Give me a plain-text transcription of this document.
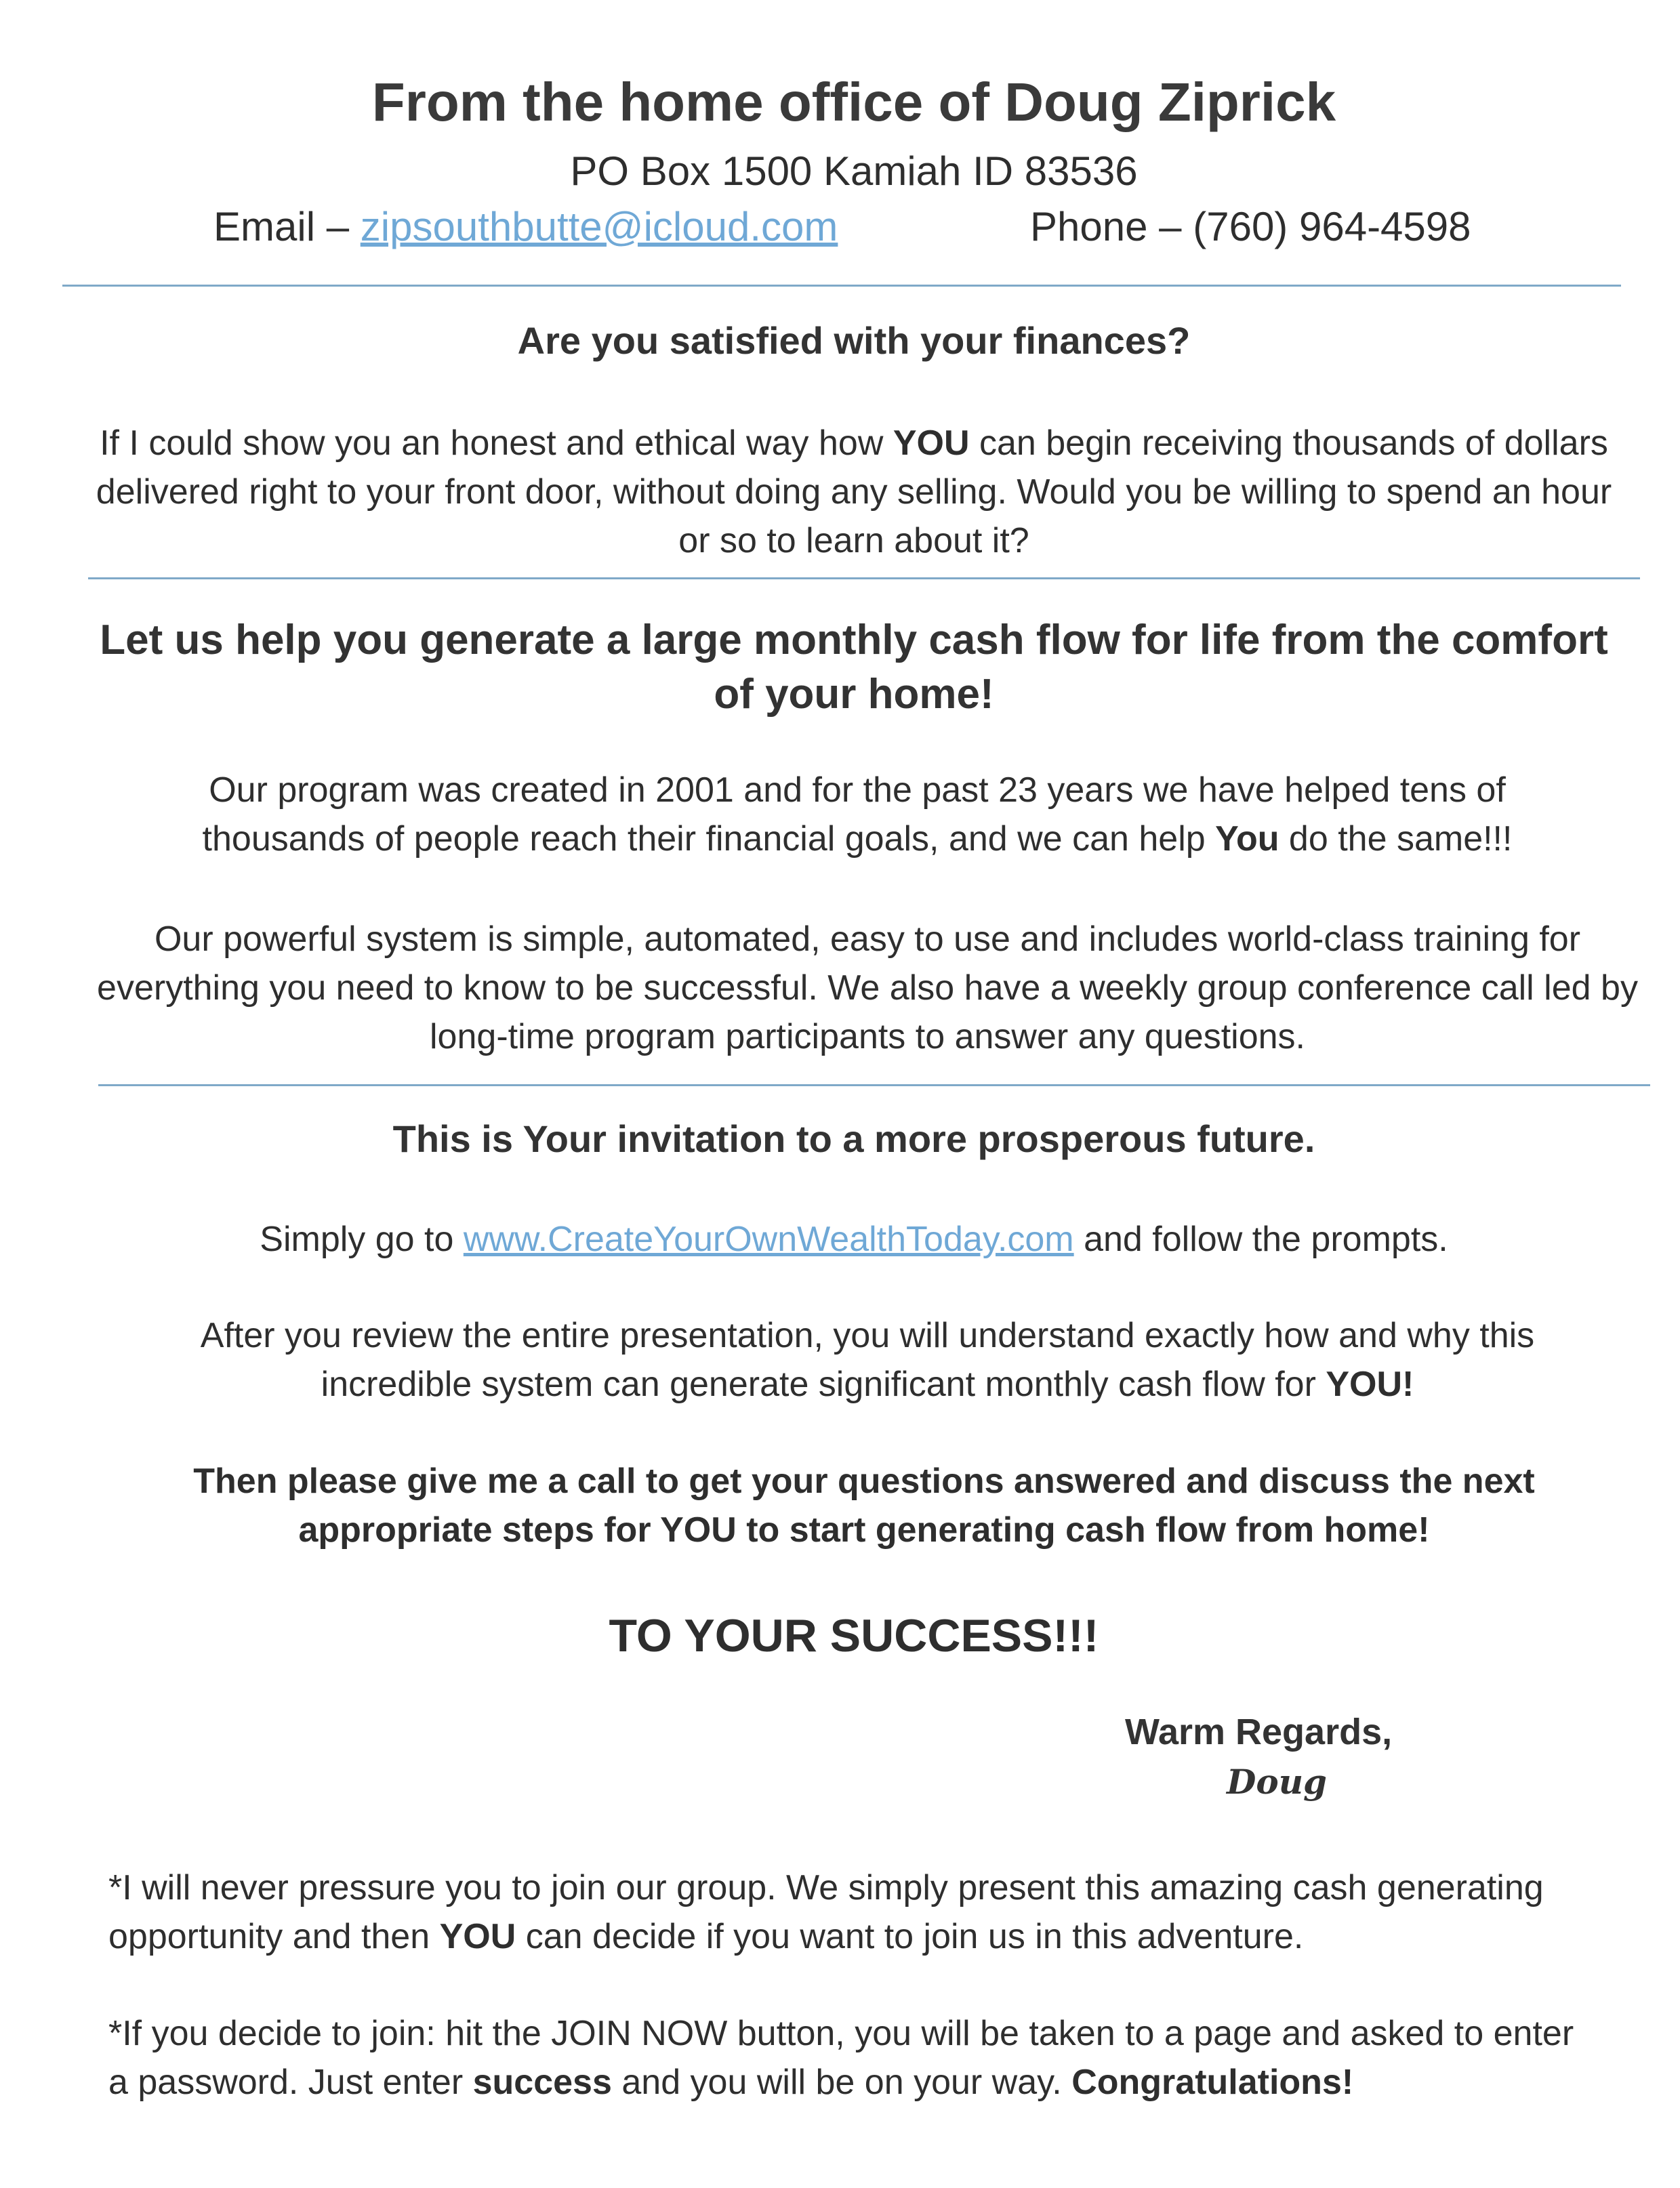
From the home office of Doug Ziprick
PO Box 1500 Kamiah ID 83536
Email – zipsouthbutte@icloud.com	Phone – (760) 964-4598
Are you satisfied with your finances?
If I could show you an honest and ethical way how YOU can begin receiving thousands of dollars delivered right to your front door, without doing any selling. Would you be willing to spend an hour or so to learn about it?
Let us help you generate a large monthly cash flow for life from the comfort of your home!
Our program was created in 2001 and for the past 23 years we have helped tens of thousands of people reach their financial goals, and we can help You do the same!!!
Our powerful system is simple, automated, easy to use and includes world-class training for everything you need to know to be successful. We also have a weekly group conference call led by long-time program participants to answer any questions.
This is Your invitation to a more prosperous future.
Simply go to www.CreateYourOwnWealthToday.com and follow the prompts.
After you review the entire presentation, you will understand exactly how and why this incredible system can generate significant monthly cash flow for YOU!
Then please give me a call to get your questions answered and discuss the next appropriate steps for YOU to start generating cash flow from home!
TO YOUR SUCCESS!!!
Warm Regards,
Doug
*I will never pressure you to join our group. We simply present this amazing cash generating opportunity and then YOU can decide if you want to join us in this adventure.
*If you decide to join: hit the JOIN NOW button, you will be taken to a page and asked to enter a password. Just enter success and you will be on your way. Congratulations!
